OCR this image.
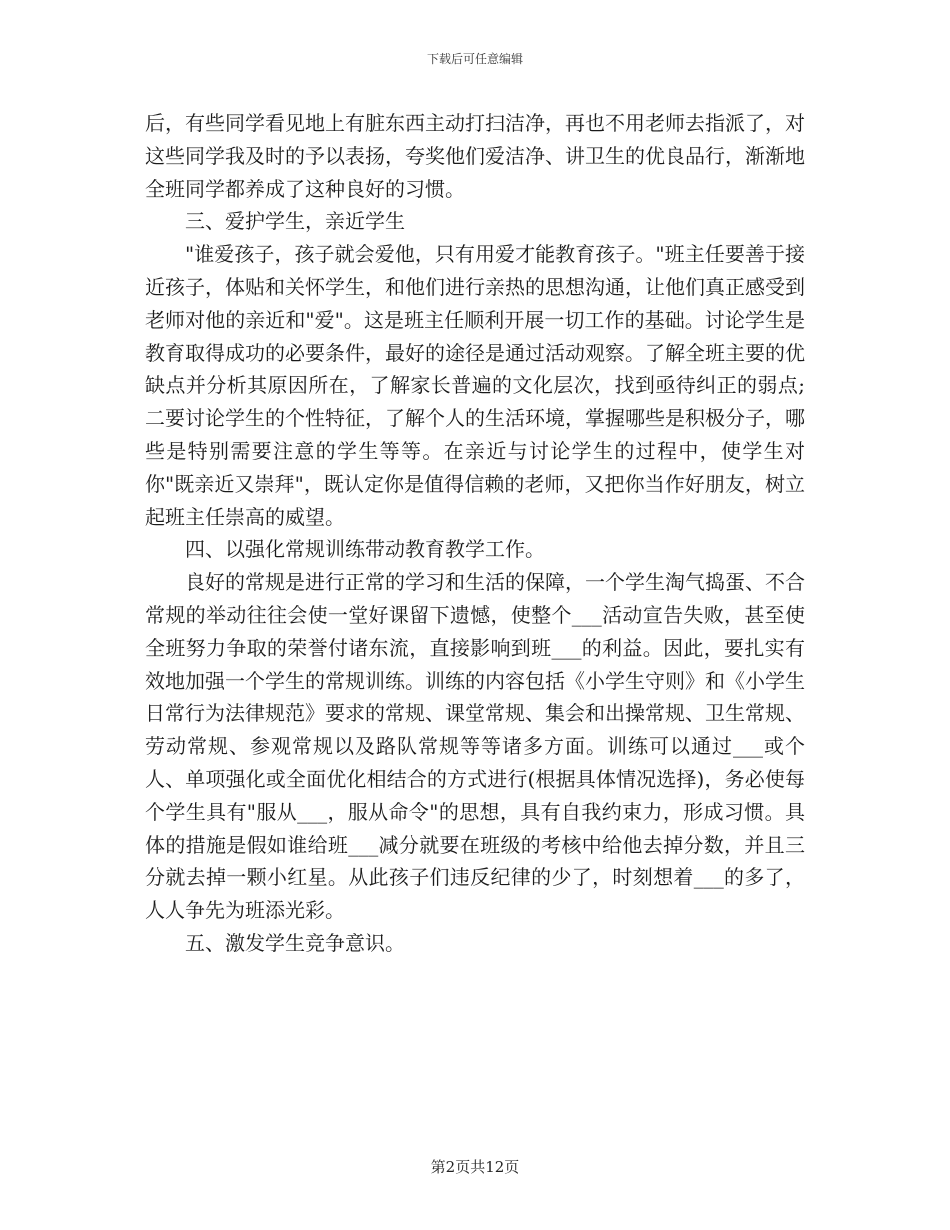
下载后可任意编辑

后，有些同学看见地上有脏东西主动打扫洁净，再也不用老师去指派了，对这些同学我及时的予以表扬，夸奖他们爱洁净、讲卫生的优良品行，渐渐地全班同学都养成了这种良好的习惯。

三、爱护学生，亲近学生

"谁爱孩子，孩子就会爱他，只有用爱才能教育孩子。"班主任要善于接近孩子，体贴和关怀学生，和他们进行亲热的思想沟通，让他们真正感受到老师对他的亲近和"爱"。这是班主任顺利开展一切工作的基础。讨论学生是教育取得成功的必要条件，最好的途径是通过活动观察。了解全班主要的优缺点并分析其原因所在，了解家长普遍的文化层次，找到亟待纠正的弱点;二要讨论学生的个性特征，了解个人的生活环境，掌握哪些是积极分子，哪些是特别需要注意的学生等等。在亲近与讨论学生的过程中，使学生对你"既亲近又崇拜"，既认定你是值得信赖的老师，又把你当作好朋友，树立起班主任崇高的威望。

四、以强化常规训练带动教育教学工作。

良好的常规是进行正常的学习和生活的保障，一个学生淘气捣蛋、不合常规的举动往往会使一堂好课留下遗憾，使整个___活动宣告失败，甚至使全班努力争取的荣誉付诸东流，直接影响到班___的利益。因此，要扎实有效地加强一个学生的常规训练。训练的内容包括《小学生守则》和《小学生日常行为法律规范》要求的常规、课堂常规、集会和出操常规、卫生常规、劳动常规、参观常规以及路队常规等等诸多方面。训练可以通过___或个人、单项强化或全面优化相结合的方式进行(根据具体情况选择)，务必使每个学生具有"服从___，服从命令"的思想，具有自我约束力，形成习惯。具体的措施是假如谁给班___减分就要在班级的考核中给他去掉分数，并且三分就去掉一颗小红星。从此孩子们违反纪律的少了，时刻想着___的多了，人人争先为班添光彩。

五、激发学生竞争意识。

第2页共12页
